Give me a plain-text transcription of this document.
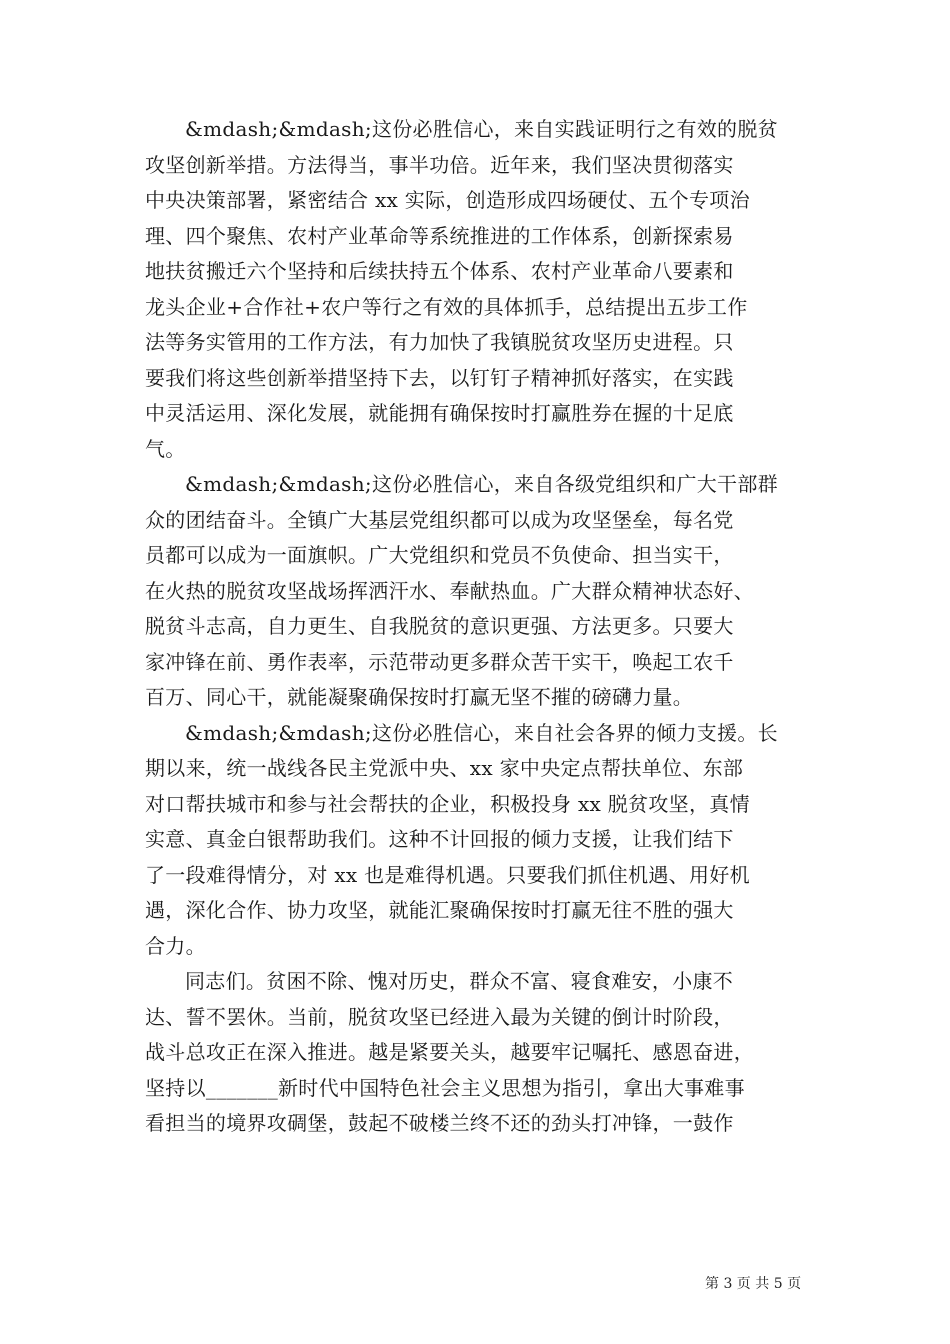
&mdash;&mdash;这份必胜信心，来自实践证明行之有效的脱贫
攻坚创新举措。方法得当，事半功倍。近年来，我们坚决贯彻落实
中央决策部署，紧密结合 xx 实际，创造形成四场硬仗、五个专项治
理、四个聚焦、农村产业革命等系统推进的工作体系，创新探索易
地扶贫搬迁六个坚持和后续扶持五个体系、农村产业革命八要素和
龙头企业+合作社+农户等行之有效的具体抓手，总结提出五步工作
法等务实管用的工作方法，有力加快了我镇脱贫攻坚历史进程。只
要我们将这些创新举措坚持下去，以钉钉子精神抓好落实，在实践
中灵活运用、深化发展，就能拥有确保按时打赢胜券在握的十足底
气。
&mdash;&mdash;这份必胜信心，来自各级党组织和广大干部群
众的团结奋斗。全镇广大基层党组织都可以成为攻坚堡垒，每名党
员都可以成为一面旗帜。广大党组织和党员不负使命、担当实干，
在火热的脱贫攻坚战场挥洒汗水、奉献热血。广大群众精神状态好、
脱贫斗志高，自力更生、自我脱贫的意识更强、方法更多。只要大
家冲锋在前、勇作表率，示范带动更多群众苦干实干，唤起工农千
百万、同心干，就能凝聚确保按时打赢无坚不摧的磅礴力量。
&mdash;&mdash;这份必胜信心，来自社会各界的倾力支援。长
期以来，统一战线各民主党派中央、xx 家中央定点帮扶单位、东部
对口帮扶城市和参与社会帮扶的企业，积极投身 xx 脱贫攻坚，真情
实意、真金白银帮助我们。这种不计回报的倾力支援，让我们结下
了一段难得情分，对 xx 也是难得机遇。只要我们抓住机遇、用好机
遇，深化合作、协力攻坚，就能汇聚确保按时打赢无往不胜的强大
合力。
同志们。贫困不除、愧对历史，群众不富、寝食难安，小康不
达、誓不罢休。当前，脱贫攻坚已经进入最为关键的倒计时阶段，
战斗总攻正在深入推进。越是紧要关头，越要牢记嘱托、感恩奋进，
坚持以_______新时代中国特色社会主义思想为指引，拿出大事难事
看担当的境界攻碉堡，鼓起不破楼兰终不还的劲头打冲锋，一鼓作
第 3 页 共 5 页
